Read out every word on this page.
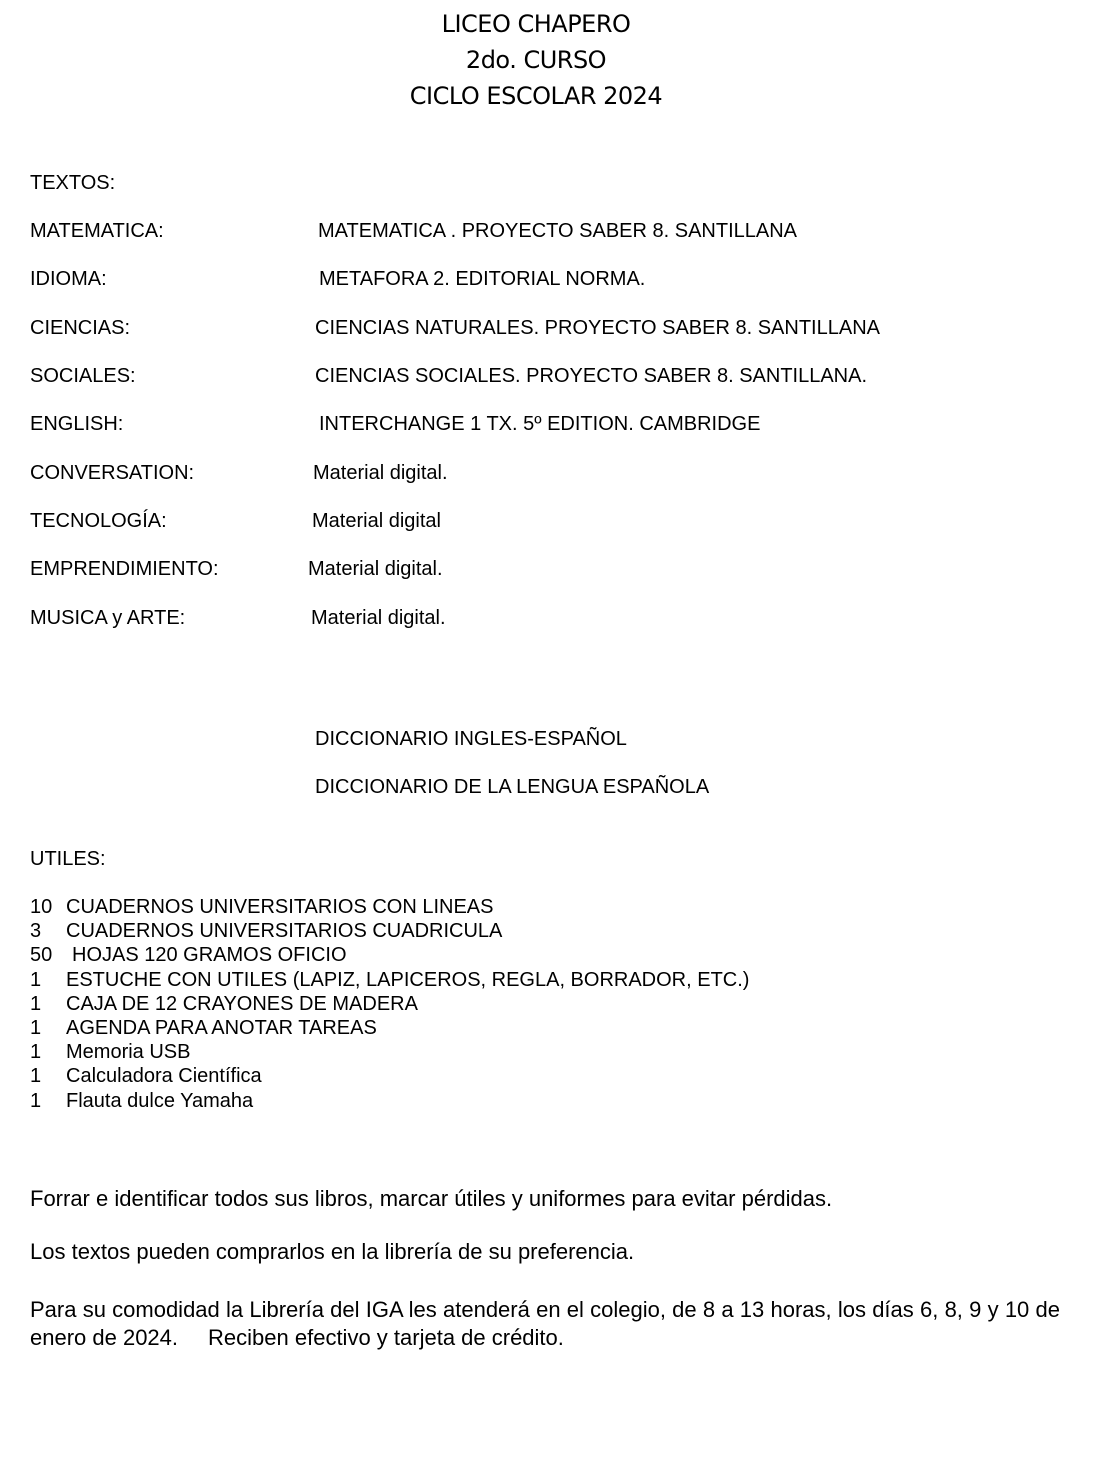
LICEO CHAPERO
2do. CURSO
CICLO ESCOLAR 2024
TEXTOS:
MATEMATICA:	MATEMATICA . PROYECTO SABER 8. SANTILLANA
IDIOMA:	METAFORA 2. EDITORIAL NORMA.
CIENCIAS:	CIENCIAS NATURALES. PROYECTO SABER 8. SANTILLANA
SOCIALES:	CIENCIAS SOCIALES. PROYECTO SABER 8. SANTILLANA.
ENGLISH:	INTERCHANGE 1 TX. 5º EDITION. CAMBRIDGE
CONVERSATION:	Material digital.
TECNOLOGÍA:	Material digital
EMPRENDIMIENTO:	Material digital.
MUSICA y ARTE:	Material digital.
DICCIONARIO INGLES-ESPAÑOL
DICCIONARIO DE LA LENGUA ESPAÑOLA
UTILES:
10 CUADERNOS UNIVERSITARIOS CON LINEAS
3 CUADERNOS UNIVERSITARIOS CUADRICULA
50 HOJAS 120 GRAMOS OFICIO
1 ESTUCHE CON UTILES (LAPIZ, LAPICEROS, REGLA, BORRADOR, ETC.)
1 CAJA DE 12 CRAYONES DE MADERA
1 AGENDA PARA ANOTAR TAREAS
1 Memoria USB
1 Calculadora Científica
1 Flauta dulce Yamaha
Forrar e identificar todos sus libros, marcar útiles y uniformes para evitar pérdidas.
Los textos pueden comprarlos en la librería de su preferencia.
Para su comodidad la Librería del IGA les atenderá en el colegio, de 8 a 13 horas, los días 6, 8, 9 y 10 de enero de 2024. Reciben efectivo y tarjeta de crédito.
